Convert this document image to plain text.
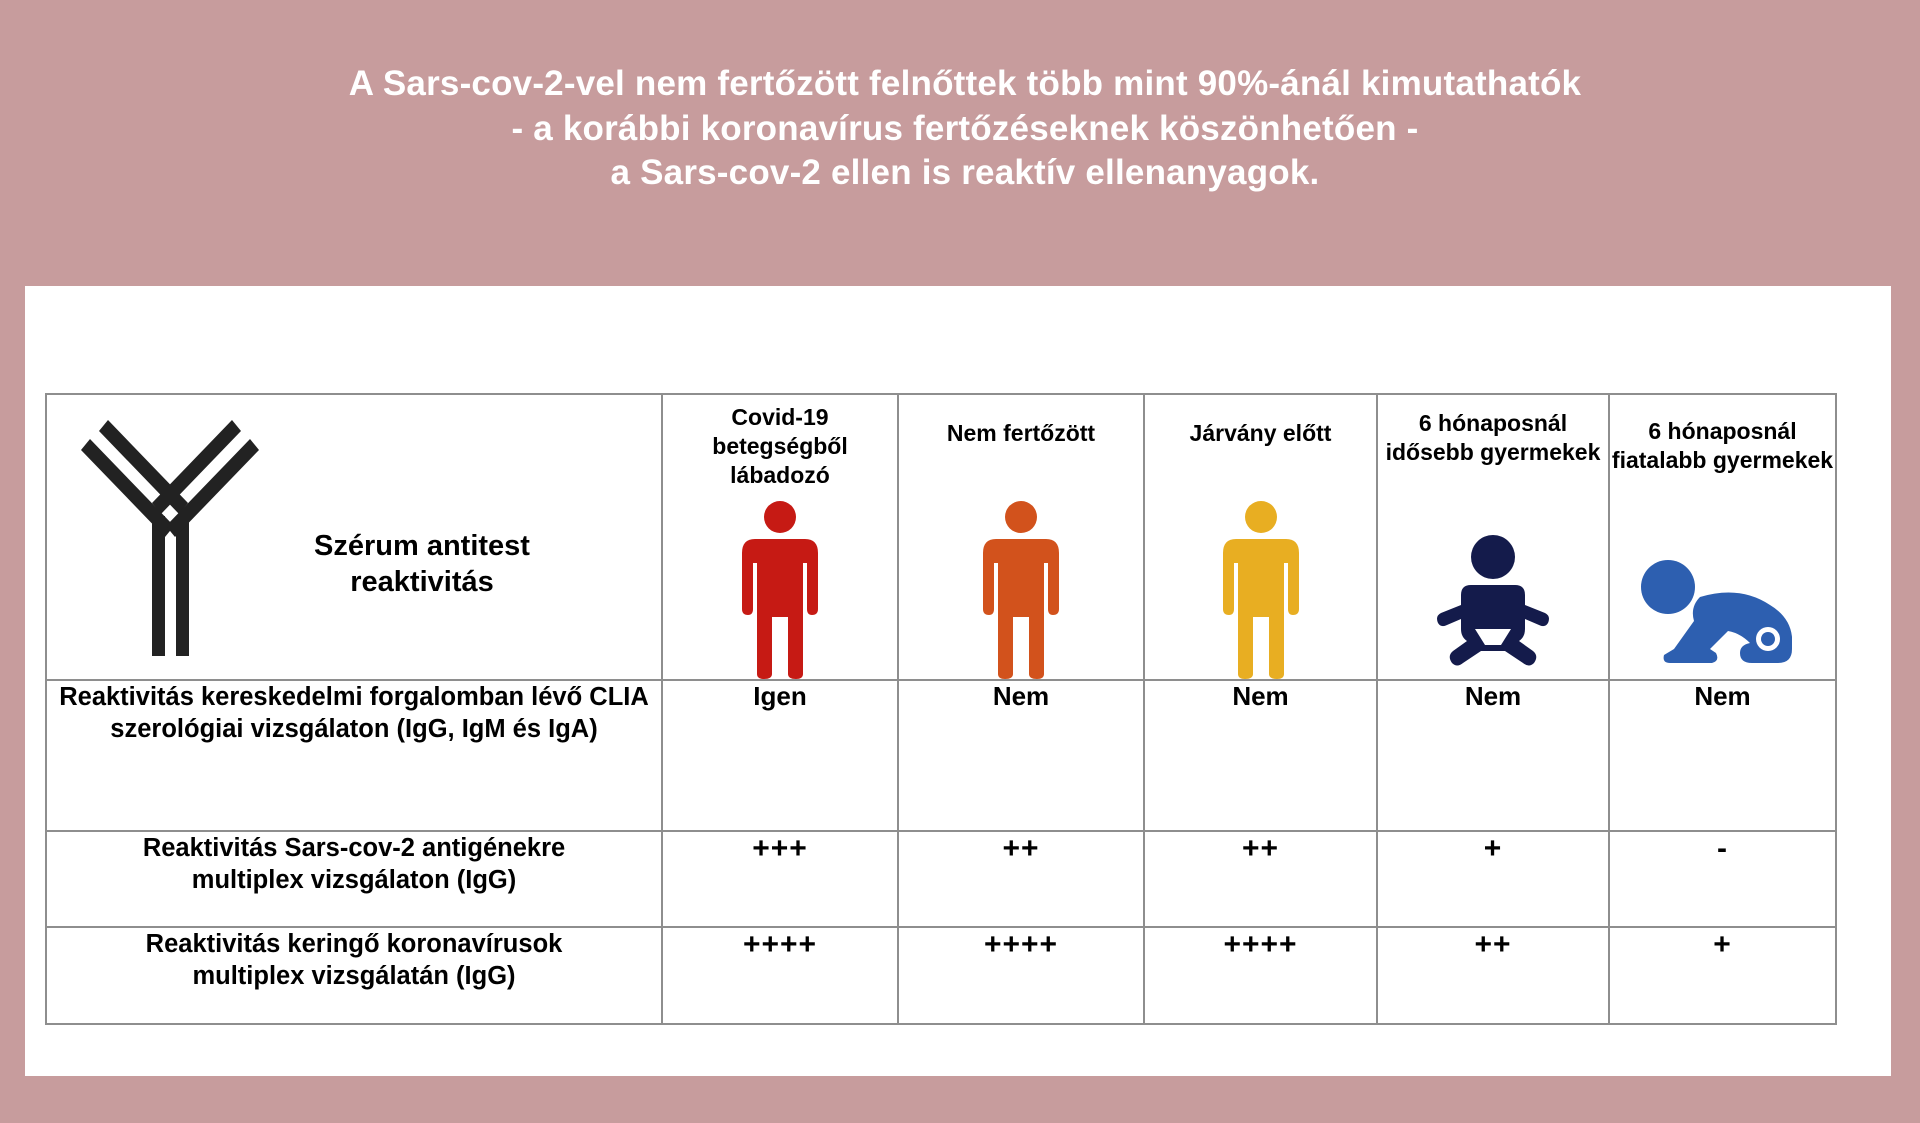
A Sars-cov-2-vel nem fertőzött felnőttek több mint 90%-ánál kimutathatók
- a korábbi koronavírus fertőzéseknek köszönhetően -
a Sars-cov-2 ellen is reaktív ellenanyagok.
Szérum antitest reaktivitás	Covid-19 betegségből lábadozó	Nem fertőzött	Járvány előtt	6 hónaposnál idősebb gyermekek	6 hónaposnál fiatalabb gyermekek

Reaktivitás kereskedelmi forgalomban lévő CLIA szerológiai vizsgálaton (IgG, IgM és IgA)	Igen	Nem	Nem	Nem	Nem
Reaktivitás Sars-cov-2 antigénekre multiplex vizsgálaton (IgG)	+++	++	++	+	-
Reaktivitás keringő koronavírusok multiplex vizsgálatán (IgG)	++++	++++	++++	++	+
